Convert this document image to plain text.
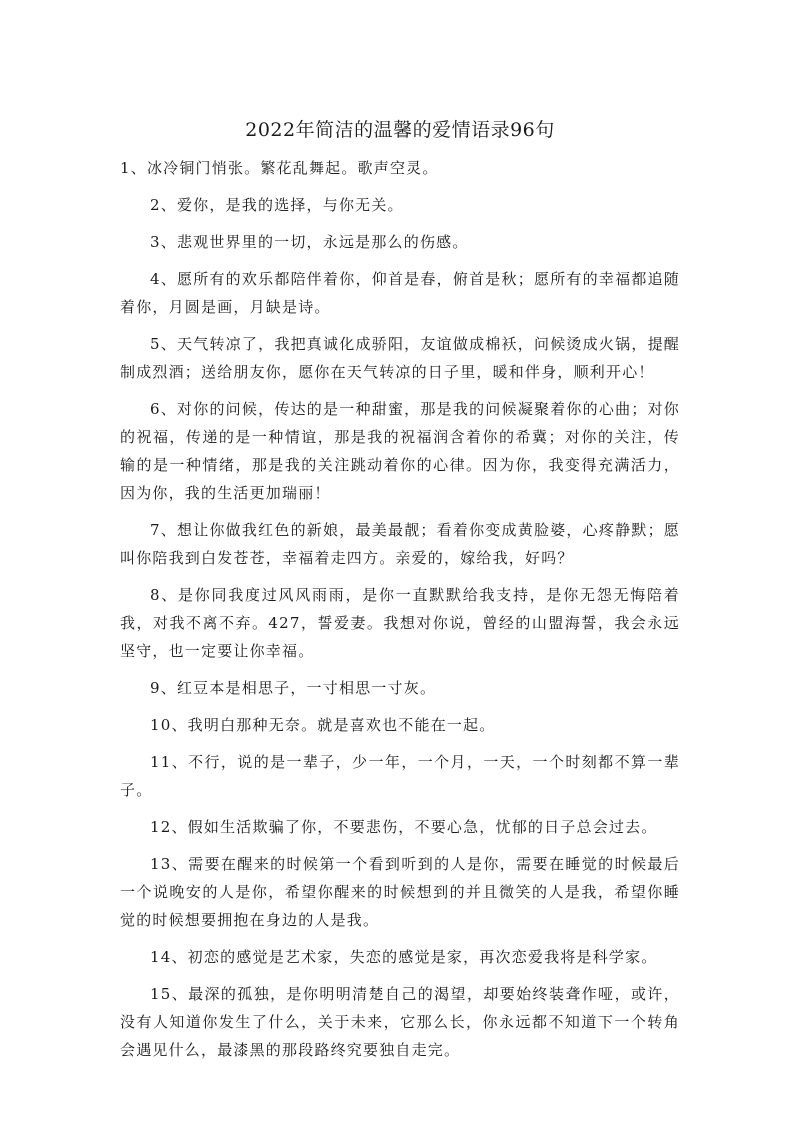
2022年简洁的温馨的爱情语录96句

1、冰冷铜门悄张。繁花乱舞起。歌声空灵。

2、爱你，是我的选择，与你无关。

3、悲观世界里的一切，永远是那么的伤感。

4、愿所有的欢乐都陪伴着你，仰首是春，俯首是秋；愿所有的幸福都追随着你，月圆是画，月缺是诗。

5、天气转凉了，我把真诚化成骄阳，友谊做成棉袄，问候烫成火锅，提醒制成烈酒；送给朋友你，愿你在天气转凉的日子里，暖和伴身，顺利开心！

6、对你的问候，传达的是一种甜蜜，那是我的问候凝聚着你的心曲；对你的祝福，传递的是一种情谊，那是我的祝福润含着你的希冀；对你的关注，传输的是一种情绪，那是我的关注跳动着你的心律。因为你，我变得充满活力，因为你，我的生活更加瑞丽！

7、想让你做我红色的新娘，最美最靓；看着你变成黄脸婆，心疼静默；愿叫你陪我到白发苍苍，幸福着走四方。亲爱的，嫁给我，好吗？

8、是你同我度过风风雨雨，是你一直默默给我支持，是你无怨无悔陪着我，对我不离不弃。427，誓爱妻。我想对你说，曾经的山盟海誓，我会永远坚守，也一定要让你幸福。

9、红豆本是相思子，一寸相思一寸灰。

10、我明白那种无奈。就是喜欢也不能在一起。

11、不行，说的是一辈子，少一年，一个月，一天，一个时刻都不算一辈子。

12、假如生活欺骗了你，不要悲伤，不要心急，忧郁的日子总会过去。

13、需要在醒来的时候第一个看到听到的人是你，需要在睡觉的时候最后一个说晚安的人是你，希望你醒来的时候想到的并且微笑的人是我，希望你睡觉的时候想要拥抱在身边的人是我。

14、初恋的感觉是艺术家，失恋的感觉是家，再次恋爱我将是科学家。

15、最深的孤独，是你明明清楚自己的渴望，却要始终装聋作哑，或许，没有人知道你发生了什么，关于未来，它那么长，你永远都不知道下一个转角会遇见什么，最漆黑的那段路终究要独自走完。
